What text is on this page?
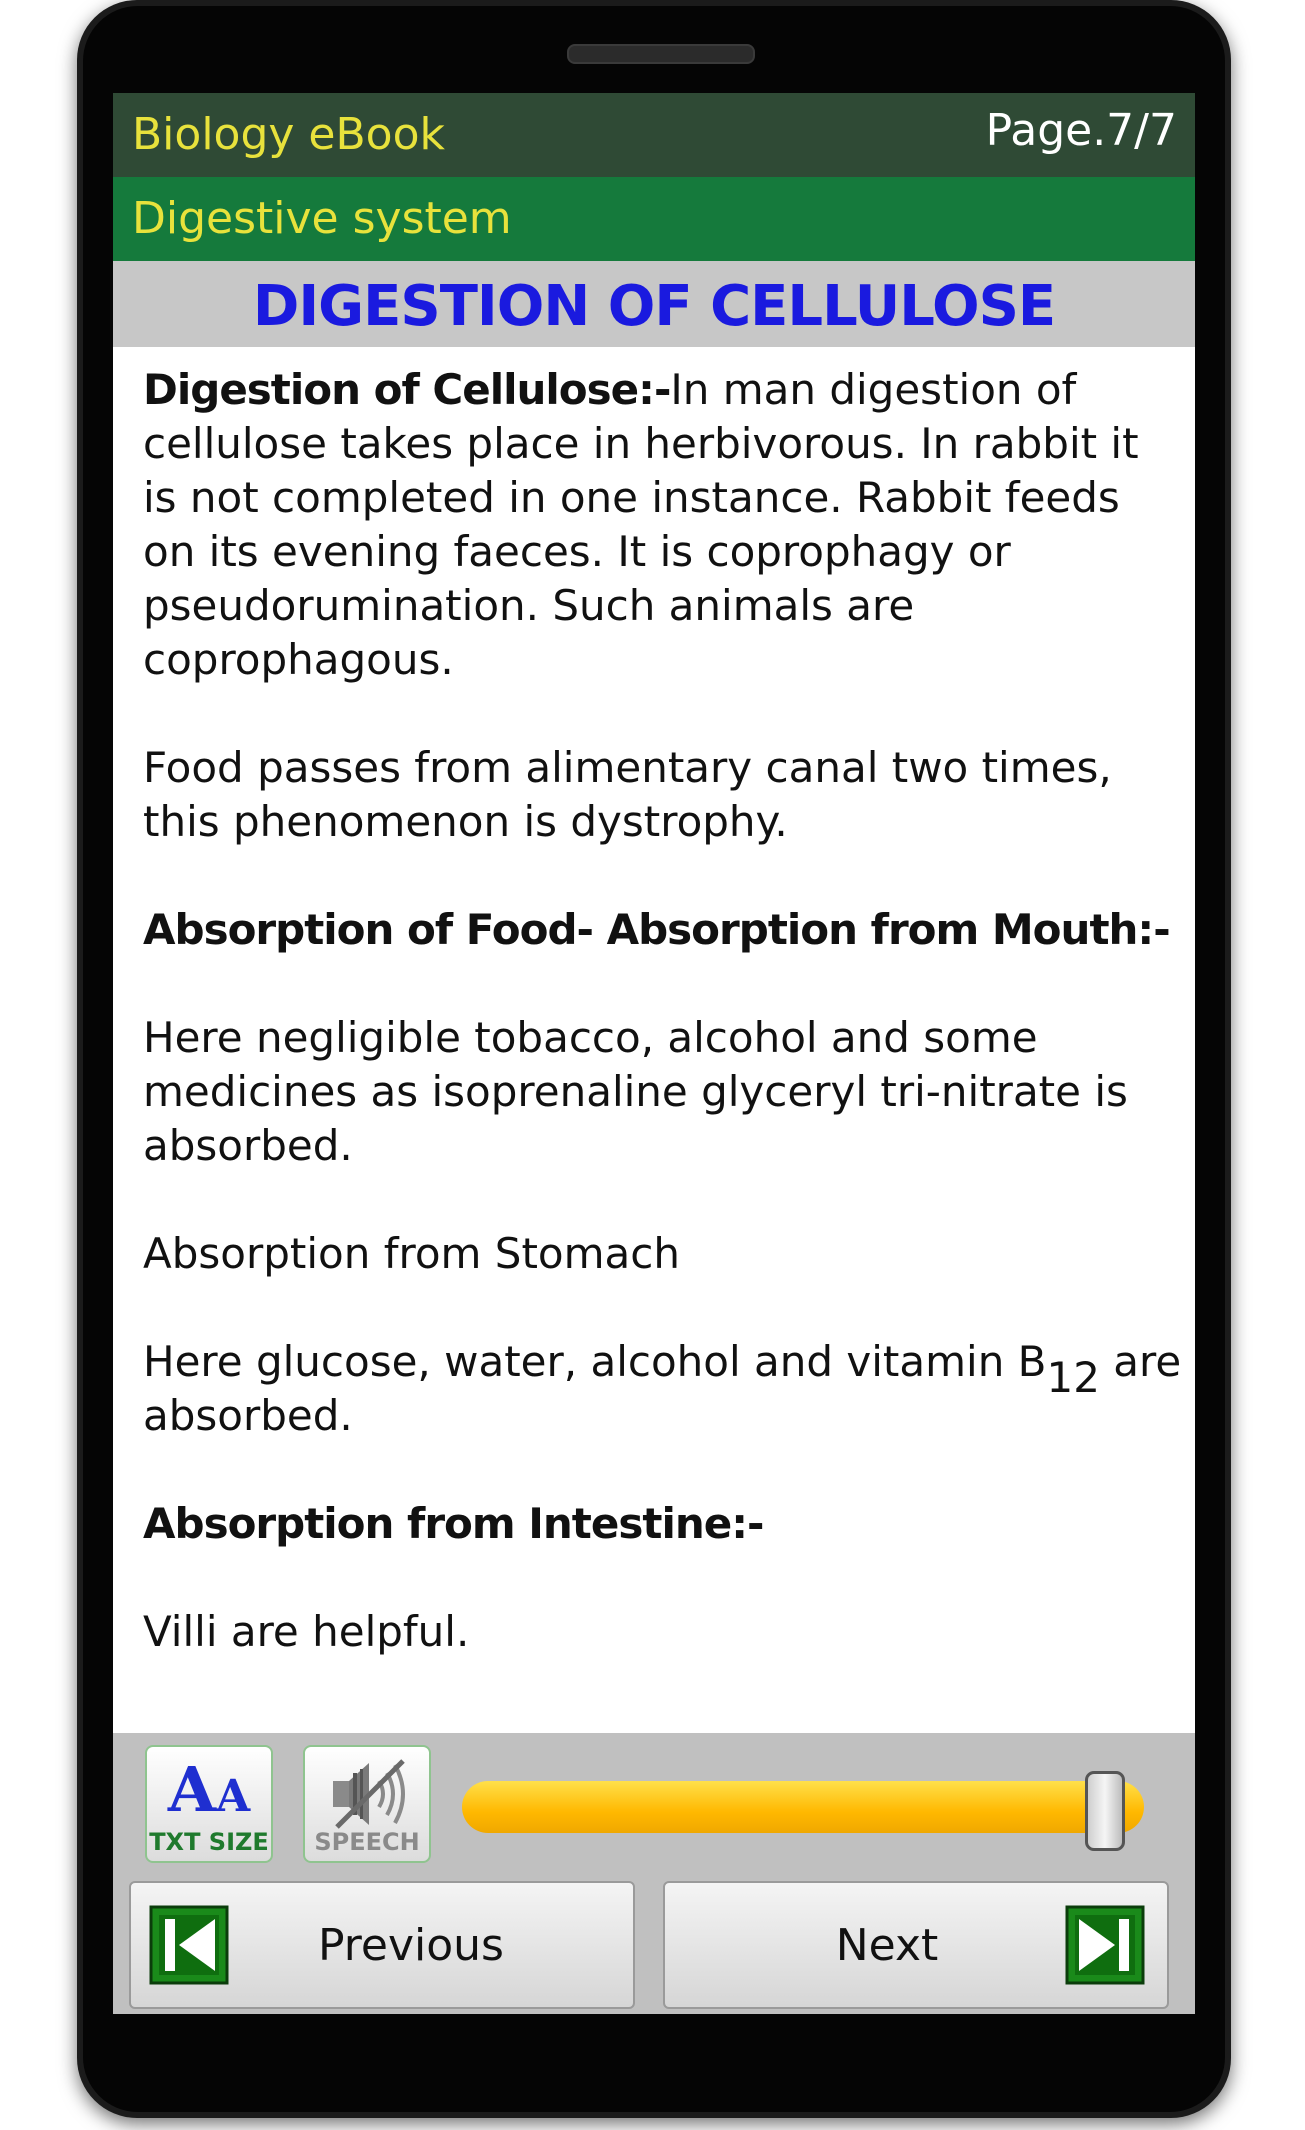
Biology eBook	Page.7/7
Digestive system
DIGESTION OF CELLULOSE

Digestion of Cellulose:-In man digestion of cellulose takes place in herbivorous. In rabbit it is not completed in one instance. Rabbit feeds on its evening faeces. It is coprophagy or pseudorumination. Such animals are coprophagous.

Food passes from alimentary canal two times, this phenomenon is dystrophy.

Absorption of Food- Absorption from Mouth:-

Here negligible tobacco, alcohol and some medicines as isoprenaline glyceryl tri-nitrate is absorbed.

Absorption from Stomach

Here glucose, water, alcohol and vitamin $B_{12}$ are absorbed.

Absorption from Intestine:-

Villi are helpful.

AA
TXT SIZE	SPEECH
Previous	Next
